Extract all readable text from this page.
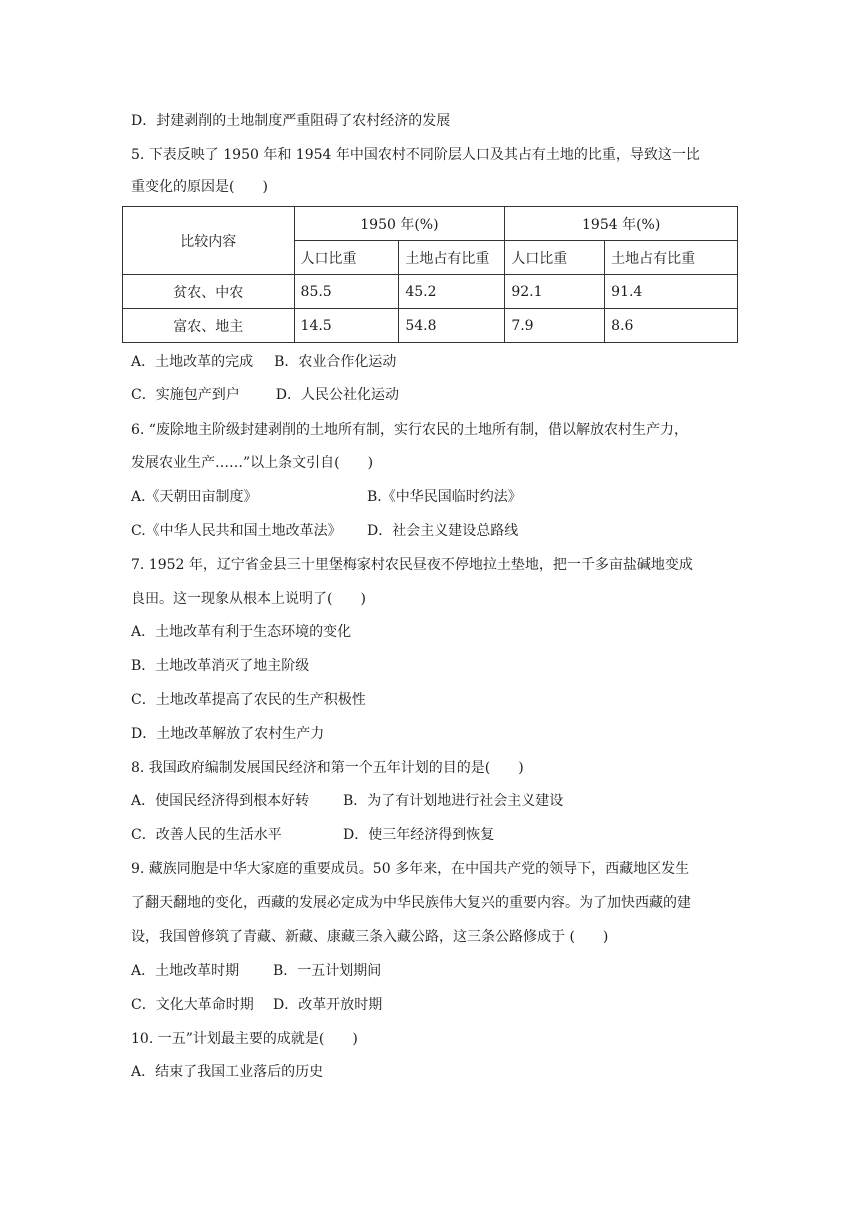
D．封建剥削的土地制度严重阻碍了农村经济的发展
5. 下表反映了 1950 年和 1954 年中国农村不同阶层人口及其占有土地的比重，导致这一比
重变化的原因是(　　)
比较内容	1950 年(%)		1954 年(%)	
	人口比重	土地占有比重	人口比重	土地占有比重
贫农、中农	85.5	45.2	92.1	91.4
富农、地主	14.5	54.8	7.9	8.6
A．土地改革的完成 B．农业合作化运动
C．实施包产到户	D．人民公社化运动
6. “废除地主阶级封建剥削的土地所有制，实行农民的土地所有制，借以解放农村生产力，
发展农业生产……”以上条文引自(　　)
A.《天朝田亩制度》	B.《中华民国临时约法》
C.《中华人民共和国土地改革法》 D．社会主义建设总路线
7. 1952 年，辽宁省金县三十里堡梅家村农民昼夜不停地拉土垫地，把一千多亩盐碱地变成
良田。这一现象从根本上说明了(　　)
A．土地改革有利于生态环境的变化
B．土地改革消灭了地主阶级
C．土地改革提高了农民的生产积极性
D．土地改革解放了农村生产力
8. 我国政府编制发展国民经济和第一个五年计划的目的是(　　)
A．使国民经济得到根本好转 B．为了有计划地进行社会主义建设
C．改善人民的生活水平	D．使三年经济得到恢复
9. 藏族同胞是中华大家庭的重要成员。50 多年来，在中国共产党的领导下，西藏地区发生
了翻天翻地的变化，西藏的发展必定成为中华民族伟大复兴的重要内容。为了加快西藏的建
设，我国曾修筑了青藏、新藏、康藏三条入藏公路，这三条公路修成于 (　　)
A．土地改革时期 B．一五计划期间
C．文化大革命时期 D．改革开放时期
10. 一五”计划最主要的成就是(　　)
A．结束了我国工业落后的历史
